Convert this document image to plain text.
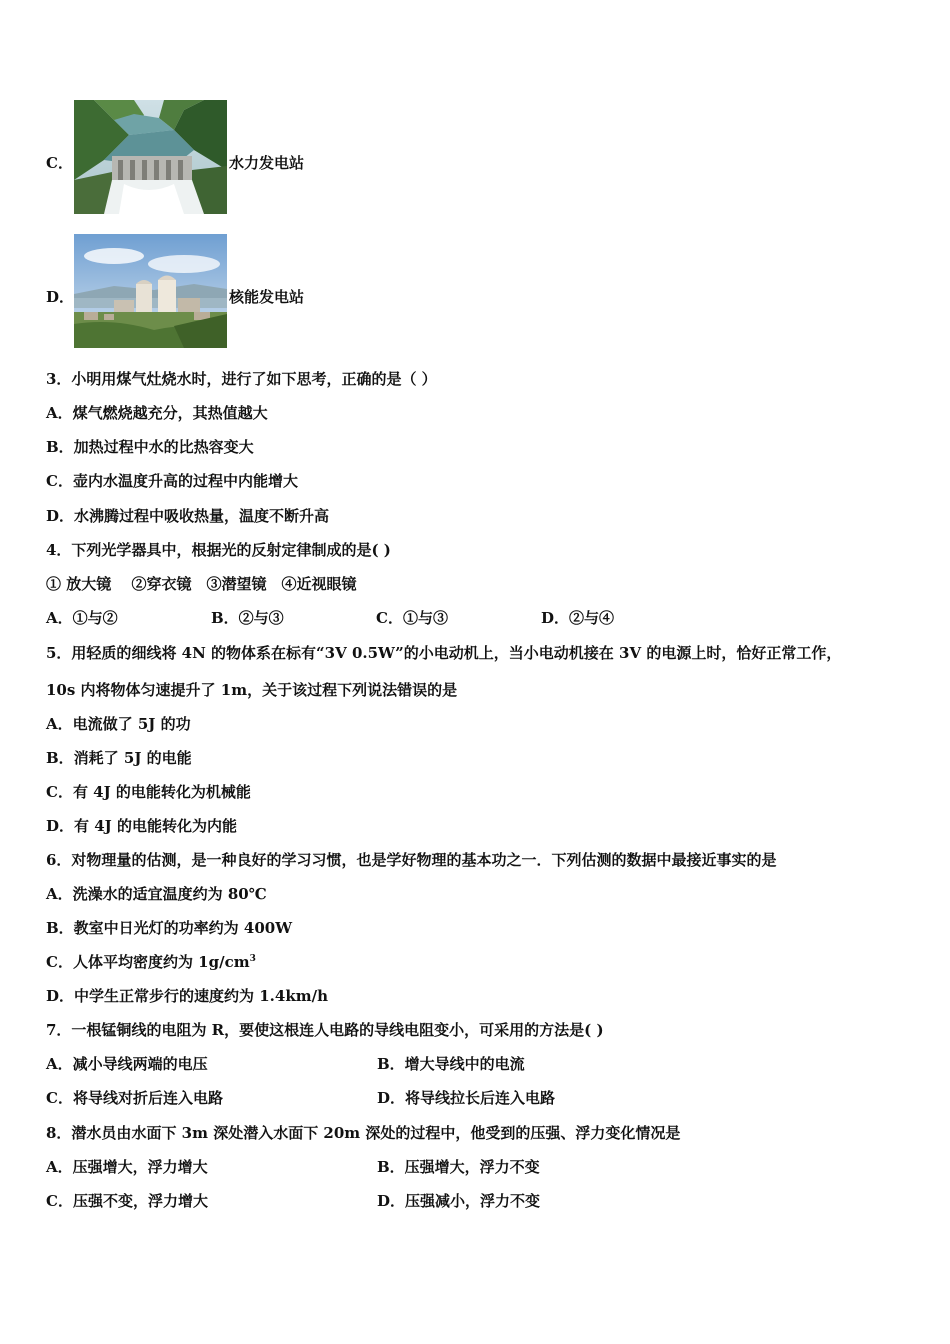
C．	水力发电站
D．	核能发电站
3．小明用煤气灶烧水时，进行了如下思考，正确的是（ ）
A．煤气燃烧越充分，其热值越大
B．加热过程中水的比热容变大
C．壶内水温度升高的过程中内能增大
D．水沸腾过程中吸收热量，温度不断升高
4．下列光学器具中，根据光的反射定律制成的是( )
① 放大镜　 ②穿衣镜　③潜望镜　④近视眼镜
A．①与②	B．②与③	C．①与③	D．②与④
5．用轻质的细线将 4N 的物体系在标有“3V 0.5W”的小电动机上，当小电动机接在 3V 的电源上时，恰好正常工作，
10s 内将物体匀速提升了 1m，关于该过程下列说法错误的是
A．电流做了 5J 的功
B．消耗了 5J 的电能
C．有 4J 的电能转化为机械能
D．有 4J 的电能转化为内能
6．对物理量的估测，是一种良好的学习习惯，也是学好物理的基本功之一．下列估测的数据中最接近事实的是
A．洗澡水的适宜温度约为 80℃
B．教室中日光灯的功率约为 400W
C．人体平均密度约为 $1g/cm^3$
D．中学生正常步行的速度约为 1.4km/h
7．一根锰铜线的电阻为 R，要使这根连人电路的导线电阻变小，可采用的方法是( )
A．减小导线两端的电压	B．增大导线中的电流
C．将导线对折后连入电路	D．将导线拉长后连入电路
8．潜水员由水面下 3m 深处潜入水面下 20m 深处的过程中，他受到的压强、浮力变化情况是
A．压强增大，浮力增大	B．压强增大，浮力不变
C．压强不变，浮力增大	D．压强减小，浮力不变
